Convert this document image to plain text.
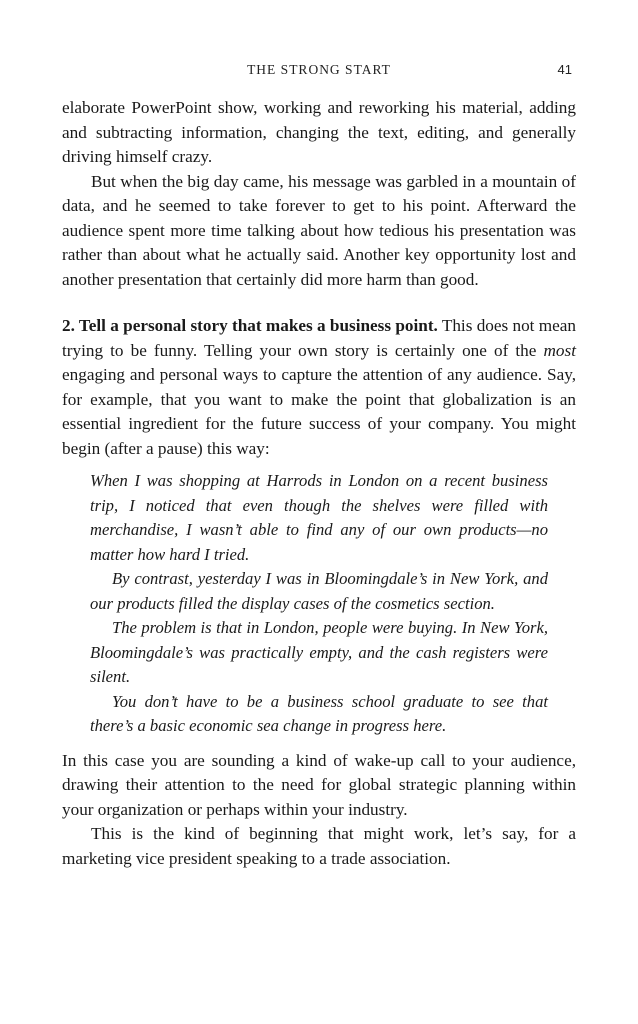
THE STRONG START	41

elaborate PowerPoint show, working and reworking his material, adding and subtracting information, changing the text, editing, and generally driving himself crazy.

But when the big day came, his message was garbled in a mountain of data, and he seemed to take forever to get to his point. Afterward the audience spent more time talking about how tedious his presentation was rather than about what he actually said. Another key opportunity lost and another presentation that certainly did more harm than good.

2. Tell a personal story that makes a business point. This does not mean trying to be funny. Telling your own story is certainly one of the most engaging and personal ways to capture the attention of any audience. Say, for example, that you want to make the point that globalization is an essential ingredient for the future success of your company. You might begin (after a pause) this way:

When I was shopping at Harrods in London on a recent business trip, I noticed that even though the shelves were filled with merchandise, I wasn’t able to find any of our own products—no matter how hard I tried.

By contrast, yesterday I was in Bloomingdale’s in New York, and our products filled the display cases of the cosmetics section.

The problem is that in London, people were buying. In New York, Bloomingdale’s was practically empty, and the cash registers were silent.

You don’t have to be a business school graduate to see that there’s a basic economic sea change in progress here.

In this case you are sounding a kind of wake-up call to your audience, drawing their attention to the need for global strategic planning within your organization or perhaps within your industry.

This is the kind of beginning that might work, let’s say, for a marketing vice president speaking to a trade association.
